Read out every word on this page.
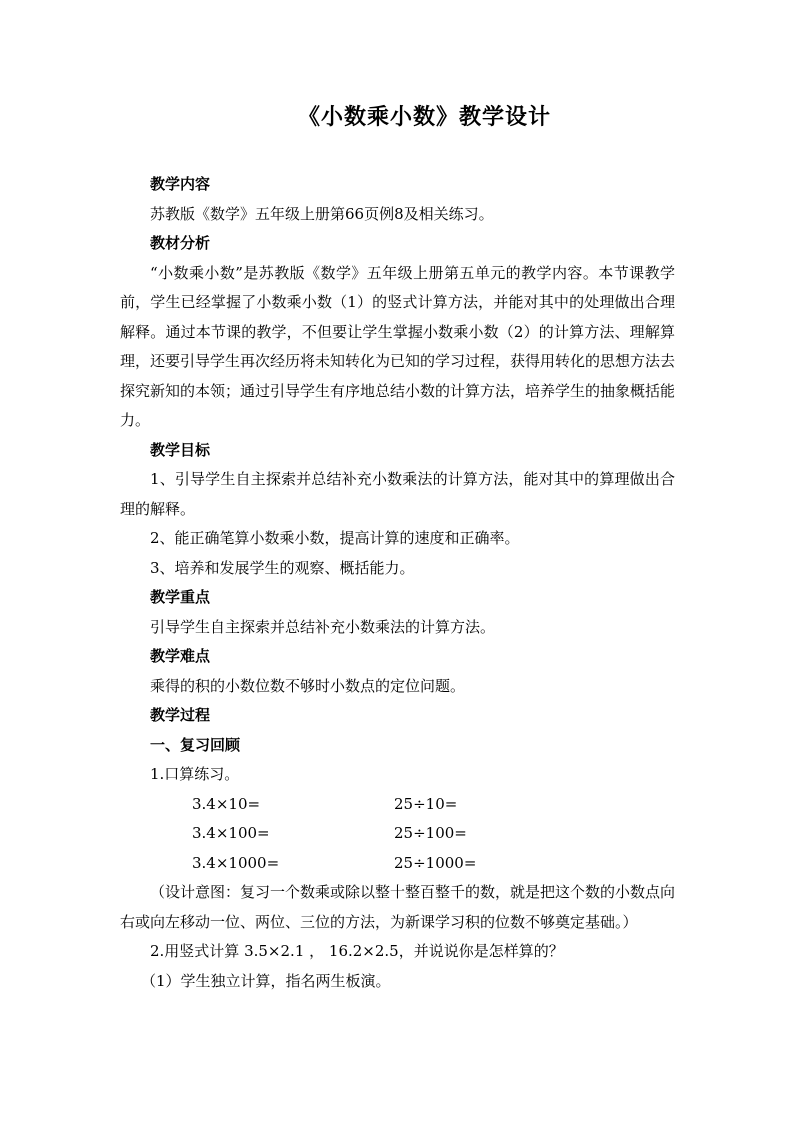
《小数乘小数》教学设计
教学内容
苏教版《数学》五年级上册第66页例8及相关练习。
教材分析
“小数乘小数”是苏教版《数学》五年级上册第五单元的教学内容。本节课教学前，学生已经掌握了小数乘小数（1）的竖式计算方法，并能对其中的处理做出合理解释。通过本节课的教学，不但要让学生掌握小数乘小数（2）的计算方法、理解算理，还要引导学生再次经历将未知转化为已知的学习过程，获得用转化的思想方法去探究新知的本领；通过引导学生有序地总结小数的计算方法，培养学生的抽象概括能力。
教学目标
1、引导学生自主探索并总结补充小数乘法的计算方法，能对其中的算理做出合理的解释。
2、能正确笔算小数乘小数，提高计算的速度和正确率。
3、培养和发展学生的观察、概括能力。
教学重点
引导学生自主探索并总结补充小数乘法的计算方法。
教学难点
乘得的积的小数位数不够时小数点的定位问题。
教学过程
一、复习回顾
1.口算练习。
3.4×10=	25÷10=
3.4×100=	25÷100=
3.4×1000=	25÷1000=
（设计意图：复习一个数乘或除以整十整百整千的数，就是把这个数的小数点向右或向左移动一位、两位、三位的方法，为新课学习积的位数不够奠定基础。）
2.用竖式计算 3.5×2.1 ， 16.2×2.5，并说说你是怎样算的？
（1）学生独立计算，指名两生板演。
